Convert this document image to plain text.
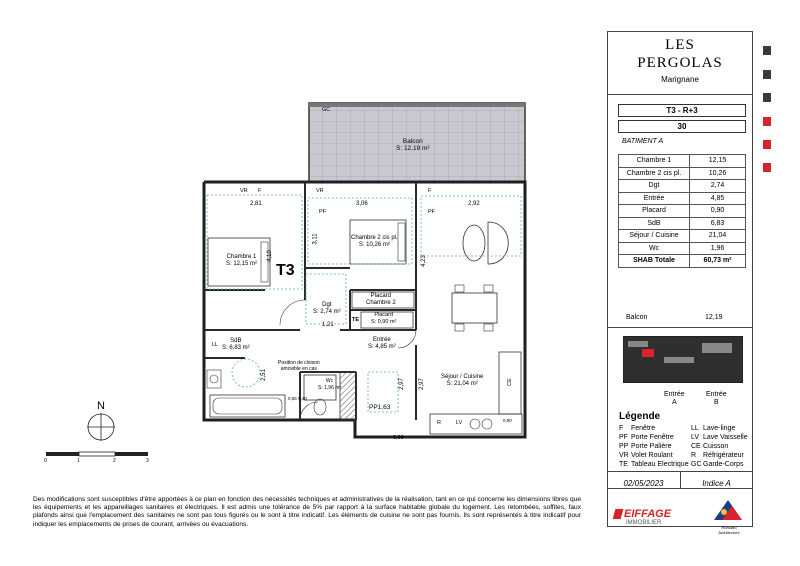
GC
Balcon
S: 12,19 m²
VR F	VR
PF
F
PF
2,81	3,06	2,92
3,11
4,10	4,23
Chambre 1
S: 12,15 m² T3
Chambre 2 cis pl.
S: 10,26 m²
Placard
Chambre 2
Dgt
S: 2,74 m²	Placard
S: 0,90 m²
TE
1,21
Entrée
S: 4,85 m²
LL
SdB
S: 6,83 m²
Position de cloison
amovible en cas
2,51
Wc
S: 1,96 m²	2,97 2,97
Séjour / Cuisine
S: 21,04 m²	CE
0,55 0,40
PP1,63
R	LV
0,90
0,90
N
0	1	2	3
LES
PERGOLAS
Marignane
T3 - R+3
30
BATIMENT A
Chambre 1	12,15
Chambre 2 cis pl.	10,26
Dgt	2,74
Entrée	4,85
Placard	0,90
SdB	6,83
Séjour / Cuisine	21,04
Wc	1,96
SHAB Totale	60,73 m²
Balcon	12,19
Entrée
A
Entrée
B
Légende
F Fenêtre
PF Porte Fenêtre
PP Porte Palière
VR Volet Roulant
TE Tableau Electrique
LL Lave-linge
LV Lave Vaisselle
CE Cuisson
R Réfrigérateur
GC Garde-Corps
02/05/2023	Indice A
EIFFAGE
IMMOBILIER
Roncaro Architecture
Des modifications sont susceptibles d'être apportées à ce plan en fonction des nécessités techniques et administratives de la réalisation, tant en ce qui concerne les dimensions libres que les équipements et les appareillages sanitaires et électriques. Il est admis une tolérance de 5% par rapport à la surface habitable globale du logement. Les retombées, soffites, faux plafonds ainsi que l'emplacement des sanitaires ne sont pas tous figurés ou le sont à titre indicatif. Les éléments de cuisine ne sont pas fournis. Ils sont représentés à titre indicatif pour indiquer les emplacements de prises de courant, arrivées ou évacuations.
